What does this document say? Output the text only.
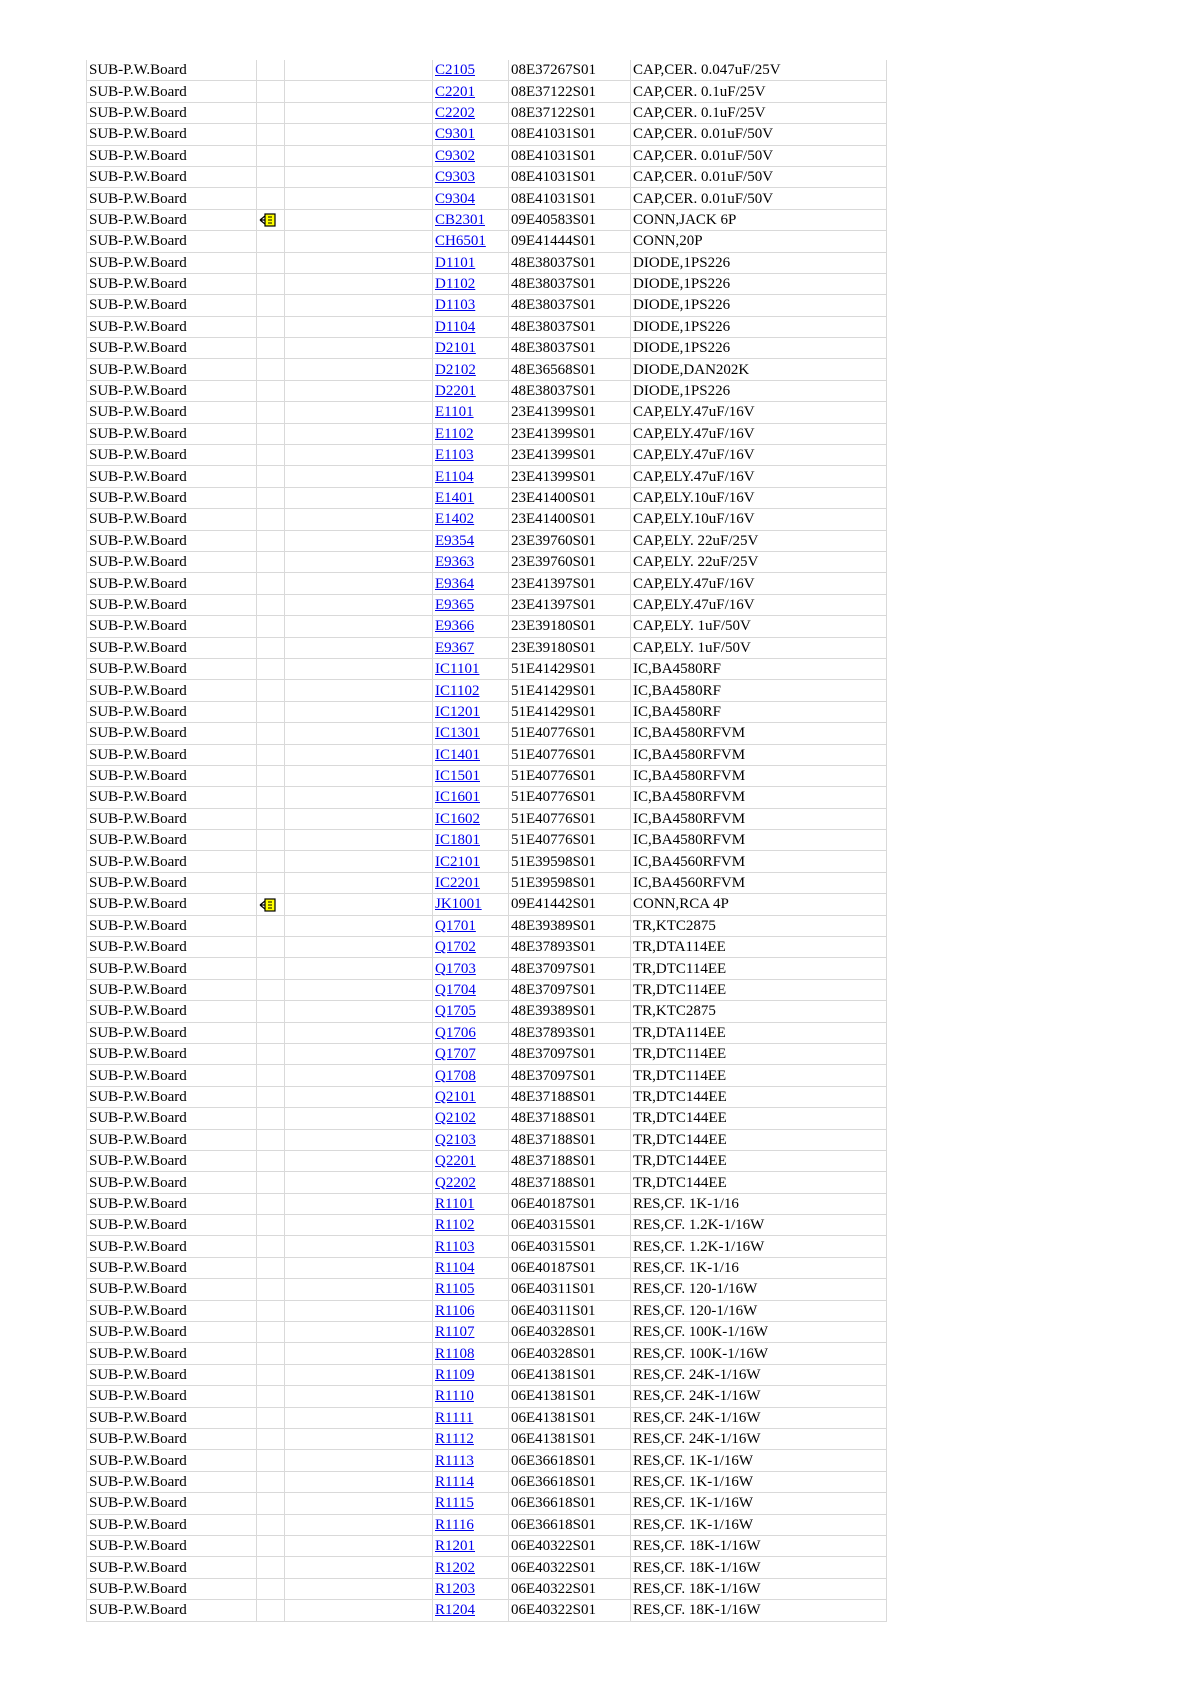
SUB-P.W.Board			C2105	08E37267S01	CAP,CER. 0.047uF/25V
SUB-P.W.Board			C2201	08E37122S01	CAP,CER. 0.1uF/25V
SUB-P.W.Board			C2202	08E37122S01	CAP,CER. 0.1uF/25V
SUB-P.W.Board			C9301	08E41031S01	CAP,CER. 0.01uF/50V
SUB-P.W.Board			C9302	08E41031S01	CAP,CER. 0.01uF/50V
SUB-P.W.Board			C9303	08E41031S01	CAP,CER. 0.01uF/50V
SUB-P.W.Board			C9304	08E41031S01	CAP,CER. 0.01uF/50V
SUB-P.W.Board			CB2301	09E40583S01	CONN,JACK 6P
SUB-P.W.Board			CH6501	09E41444S01	CONN,20P
SUB-P.W.Board			D1101	48E38037S01	DIODE,1PS226
SUB-P.W.Board			D1102	48E38037S01	DIODE,1PS226
SUB-P.W.Board			D1103	48E38037S01	DIODE,1PS226
SUB-P.W.Board			D1104	48E38037S01	DIODE,1PS226
SUB-P.W.Board			D2101	48E38037S01	DIODE,1PS226
SUB-P.W.Board			D2102	48E36568S01	DIODE,DAN202K
SUB-P.W.Board			D2201	48E38037S01	DIODE,1PS226
SUB-P.W.Board			E1101	23E41399S01	CAP,ELY.47uF/16V
SUB-P.W.Board			E1102	23E41399S01	CAP,ELY.47uF/16V
SUB-P.W.Board			E1103	23E41399S01	CAP,ELY.47uF/16V
SUB-P.W.Board			E1104	23E41399S01	CAP,ELY.47uF/16V
SUB-P.W.Board			E1401	23E41400S01	CAP,ELY.10uF/16V
SUB-P.W.Board			E1402	23E41400S01	CAP,ELY.10uF/16V
SUB-P.W.Board			E9354	23E39760S01	CAP,ELY. 22uF/25V
SUB-P.W.Board			E9363	23E39760S01	CAP,ELY. 22uF/25V
SUB-P.W.Board			E9364	23E41397S01	CAP,ELY.47uF/16V
SUB-P.W.Board			E9365	23E41397S01	CAP,ELY.47uF/16V
SUB-P.W.Board			E9366	23E39180S01	CAP,ELY. 1uF/50V
SUB-P.W.Board			E9367	23E39180S01	CAP,ELY. 1uF/50V
SUB-P.W.Board			IC1101	51E41429S01	IC,BA4580RF
SUB-P.W.Board			IC1102	51E41429S01	IC,BA4580RF
SUB-P.W.Board			IC1201	51E41429S01	IC,BA4580RF
SUB-P.W.Board			IC1301	51E40776S01	IC,BA4580RFVM
SUB-P.W.Board			IC1401	51E40776S01	IC,BA4580RFVM
SUB-P.W.Board			IC1501	51E40776S01	IC,BA4580RFVM
SUB-P.W.Board			IC1601	51E40776S01	IC,BA4580RFVM
SUB-P.W.Board			IC1602	51E40776S01	IC,BA4580RFVM
SUB-P.W.Board			IC1801	51E40776S01	IC,BA4580RFVM
SUB-P.W.Board			IC2101	51E39598S01	IC,BA4560RFVM
SUB-P.W.Board			IC2201	51E39598S01	IC,BA4560RFVM
SUB-P.W.Board			JK1001	09E41442S01	CONN,RCA 4P
SUB-P.W.Board			Q1701	48E39389S01	TR,KTC2875
SUB-P.W.Board			Q1702	48E37893S01	TR,DTA114EE
SUB-P.W.Board			Q1703	48E37097S01	TR,DTC114EE
SUB-P.W.Board			Q1704	48E37097S01	TR,DTC114EE
SUB-P.W.Board			Q1705	48E39389S01	TR,KTC2875
SUB-P.W.Board			Q1706	48E37893S01	TR,DTA114EE
SUB-P.W.Board			Q1707	48E37097S01	TR,DTC114EE
SUB-P.W.Board			Q1708	48E37097S01	TR,DTC114EE
SUB-P.W.Board			Q2101	48E37188S01	TR,DTC144EE
SUB-P.W.Board			Q2102	48E37188S01	TR,DTC144EE
SUB-P.W.Board			Q2103	48E37188S01	TR,DTC144EE
SUB-P.W.Board			Q2201	48E37188S01	TR,DTC144EE
SUB-P.W.Board			Q2202	48E37188S01	TR,DTC144EE
SUB-P.W.Board			R1101	06E40187S01	RES,CF. 1K-1/16
SUB-P.W.Board			R1102	06E40315S01	RES,CF. 1.2K-1/16W
SUB-P.W.Board			R1103	06E40315S01	RES,CF. 1.2K-1/16W
SUB-P.W.Board			R1104	06E40187S01	RES,CF. 1K-1/16
SUB-P.W.Board			R1105	06E40311S01	RES,CF. 120-1/16W
SUB-P.W.Board			R1106	06E40311S01	RES,CF. 120-1/16W
SUB-P.W.Board			R1107	06E40328S01	RES,CF. 100K-1/16W
SUB-P.W.Board			R1108	06E40328S01	RES,CF. 100K-1/16W
SUB-P.W.Board			R1109	06E41381S01	RES,CF. 24K-1/16W
SUB-P.W.Board			R1110	06E41381S01	RES,CF. 24K-1/16W
SUB-P.W.Board			R1111	06E41381S01	RES,CF. 24K-1/16W
SUB-P.W.Board			R1112	06E41381S01	RES,CF. 24K-1/16W
SUB-P.W.Board			R1113	06E36618S01	RES,CF. 1K-1/16W
SUB-P.W.Board			R1114	06E36618S01	RES,CF. 1K-1/16W
SUB-P.W.Board			R1115	06E36618S01	RES,CF. 1K-1/16W
SUB-P.W.Board			R1116	06E36618S01	RES,CF. 1K-1/16W
SUB-P.W.Board			R1201	06E40322S01	RES,CF. 18K-1/16W
SUB-P.W.Board			R1202	06E40322S01	RES,CF. 18K-1/16W
SUB-P.W.Board			R1203	06E40322S01	RES,CF. 18K-1/16W
SUB-P.W.Board			R1204	06E40322S01	RES,CF. 18K-1/16W
